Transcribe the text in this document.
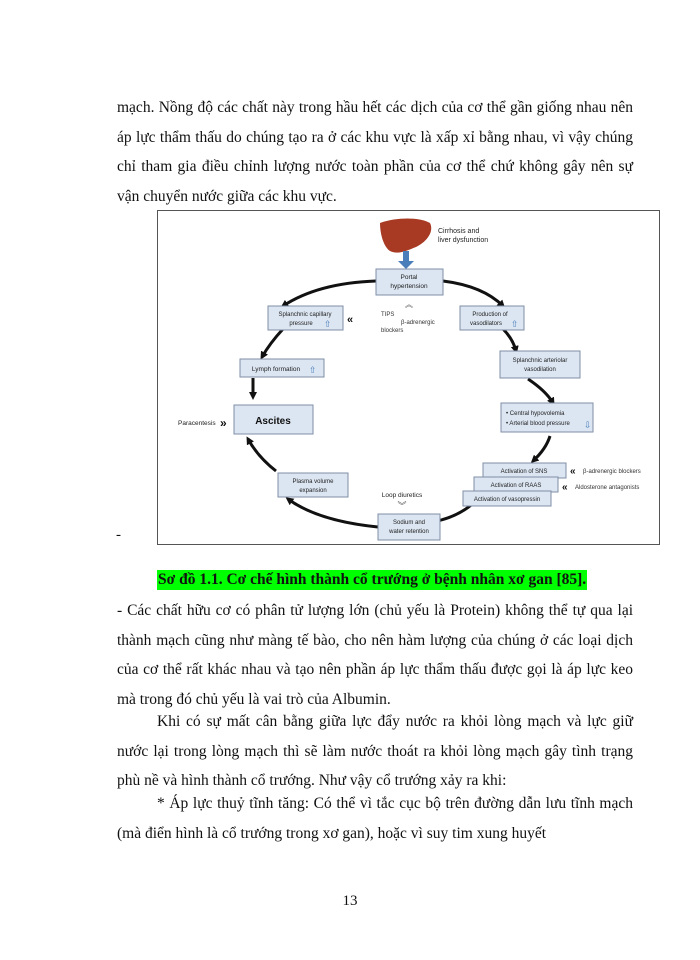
mạch. Nồng độ các chất này trong hầu hết các dịch của cơ thể gần giống nhau nên áp lực thẩm thấu do chúng tạo ra ở các khu vực là xấp xỉ bằng nhau, vì vậy chúng chỉ tham gia điều chỉnh lượng nước toàn phần của cơ thể chứ không gây nên sự vận chuyển nước giữa các khu vực.

Cirrhosis and
liver dysfunction
Portal
hypertension
︽
TIPS
β-adrenergic
blockers
Splanchnic capillary
pressure ⇧ «	Production of
vasodilators ⇧
Lymph formation ⇧
Splanchnic arteriolar
vasodilation
Paracentesis »	Ascites
• Central hypovolemia
• Arterial blood pressure ⇩
Plasma volume
expansion
Activation of SNS « β-adrenergic blockers
Activation of RAAS « Aldosterone antagonists
Activation of vasopressin
Loop diuretics
︾
Sodium and
water retention
-
Sơ đồ 1.1. Cơ chế hình thành cổ trướng ở bệnh nhân xơ gan [85].

- Các chất hữu cơ có phân tử lượng lớn (chủ yếu là Protein) không thể tự qua lại thành mạch cũng như màng tế bào, cho nên hàm lượng của chúng ở các loại dịch của cơ thể rất khác nhau và tạo nên phần áp lực thẩm thấu được gọi là áp lực keo mà trong đó chủ yếu là vai trò của Albumin.

Khi có sự mất cân bằng giữa lực đẩy nước ra khỏi lòng mạch và lực giữ nước lại trong lòng mạch thì sẽ làm nước thoát ra khỏi lòng mạch gây tình trạng phù nề và hình thành cổ trướng. Như vậy cổ trướng xảy ra khi:

* Áp lực thuỷ tĩnh tăng: Có thể vì tắc cục bộ trên đường dẫn lưu tĩnh mạch (mà điển hình là cổ trướng trong xơ gan), hoặc vì suy tim xung huyết

13
